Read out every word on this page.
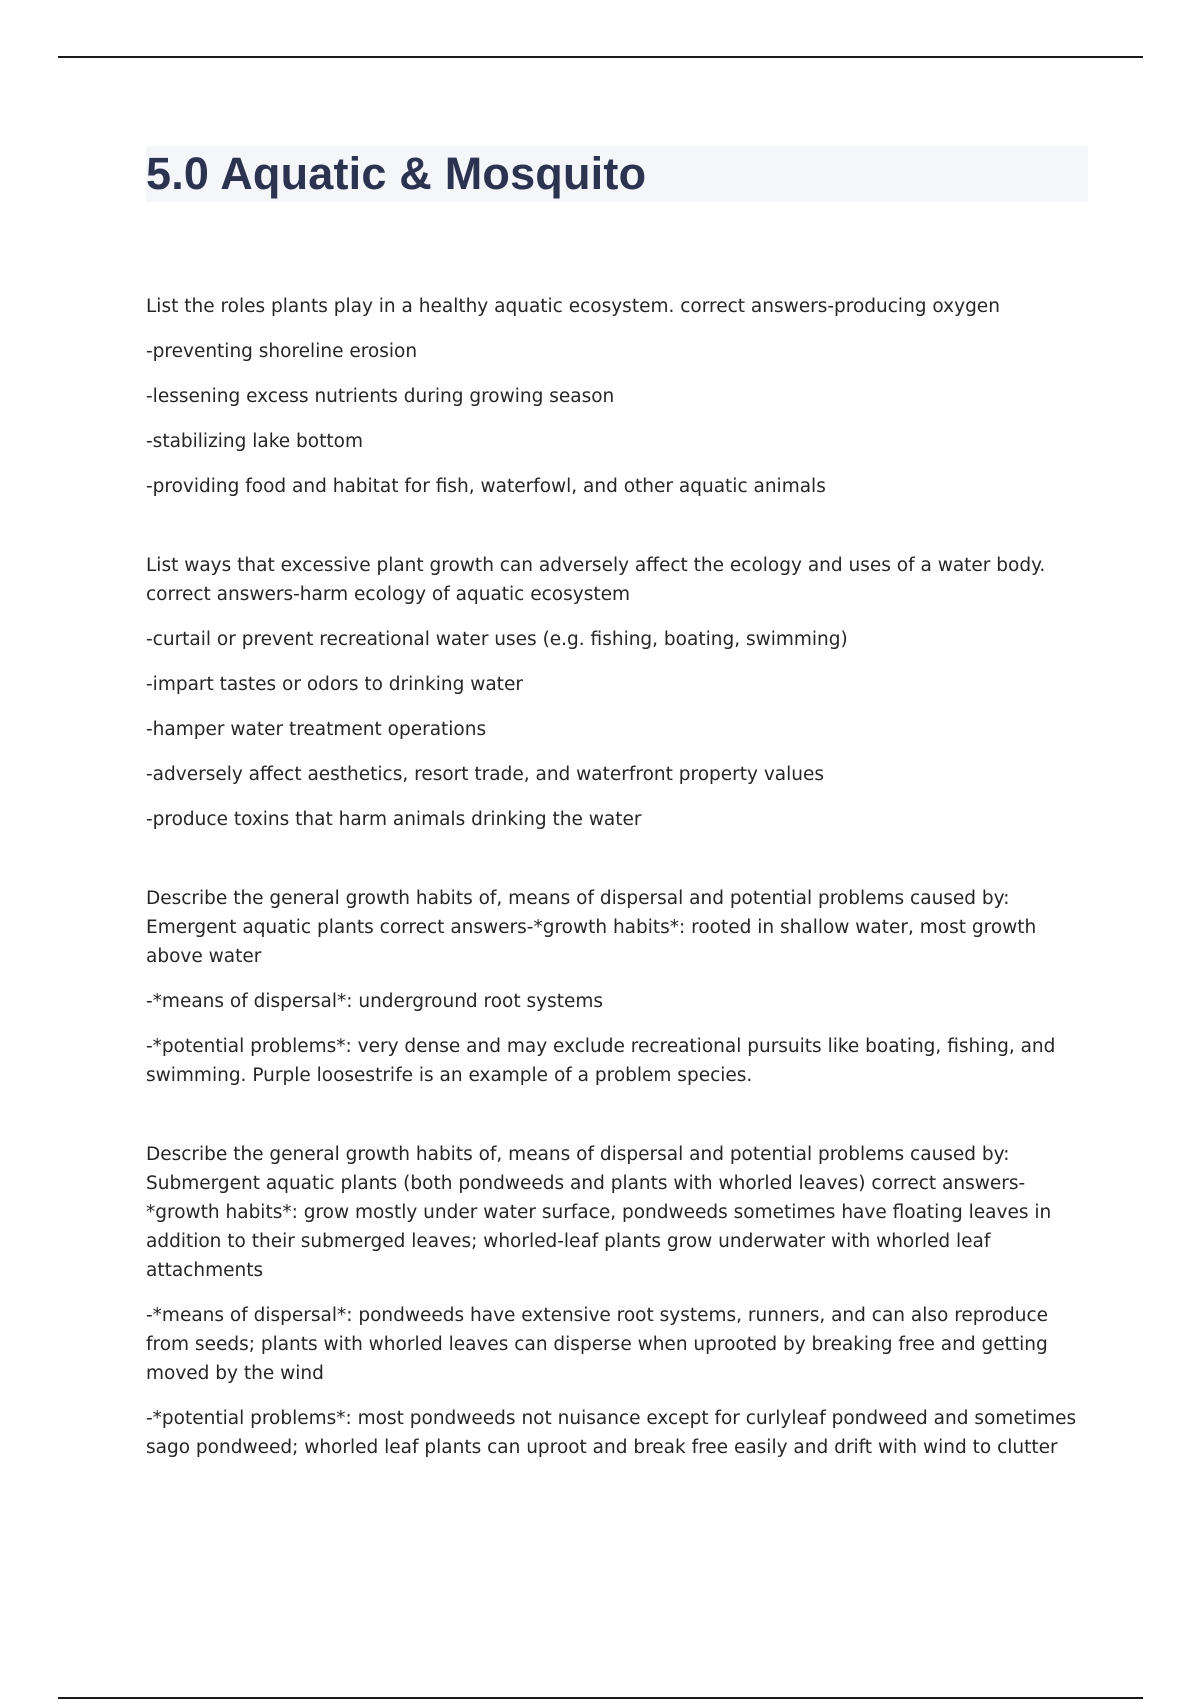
5.0 Aquatic & Mosquito

List the roles plants play in a healthy aquatic ecosystem. correct answers-producing oxygen

-preventing shoreline erosion

-lessening excess nutrients during growing season

-stabilizing lake bottom

-providing food and habitat for fish, waterfowl, and other aquatic animals

List ways that excessive plant growth can adversely affect the ecology and uses of a water body. correct answers-harm ecology of aquatic ecosystem

-curtail or prevent recreational water uses (e.g. fishing, boating, swimming)

-impart tastes or odors to drinking water

-hamper water treatment operations

-adversely affect aesthetics, resort trade, and waterfront property values

-produce toxins that harm animals drinking the water

Describe the general growth habits of, means of dispersal and potential problems caused by: Emergent aquatic plants correct answers-*growth habits*: rooted in shallow water, most growth above water

-*means of dispersal*: underground root systems

-*potential problems*: very dense and may exclude recreational pursuits like boating, fishing, and swimming. Purple loosestrife is an example of a problem species.

Describe the general growth habits of, means of dispersal and potential problems caused by: Submergent aquatic plants (both pondweeds and plants with whorled leaves) correct answers-*growth habits*: grow mostly under water surface, pondweeds sometimes have floating leaves in addition to their submerged leaves; whorled-leaf plants grow underwater with whorled leaf attachments

-*means of dispersal*: pondweeds have extensive root systems, runners, and can also reproduce from seeds; plants with whorled leaves can disperse when uprooted by breaking free and getting moved by the wind

-*potential problems*: most pondweeds not nuisance except for curlyleaf pondweed and sometimes sago pondweed; whorled leaf plants can uproot and break free easily and drift with wind to clutter
